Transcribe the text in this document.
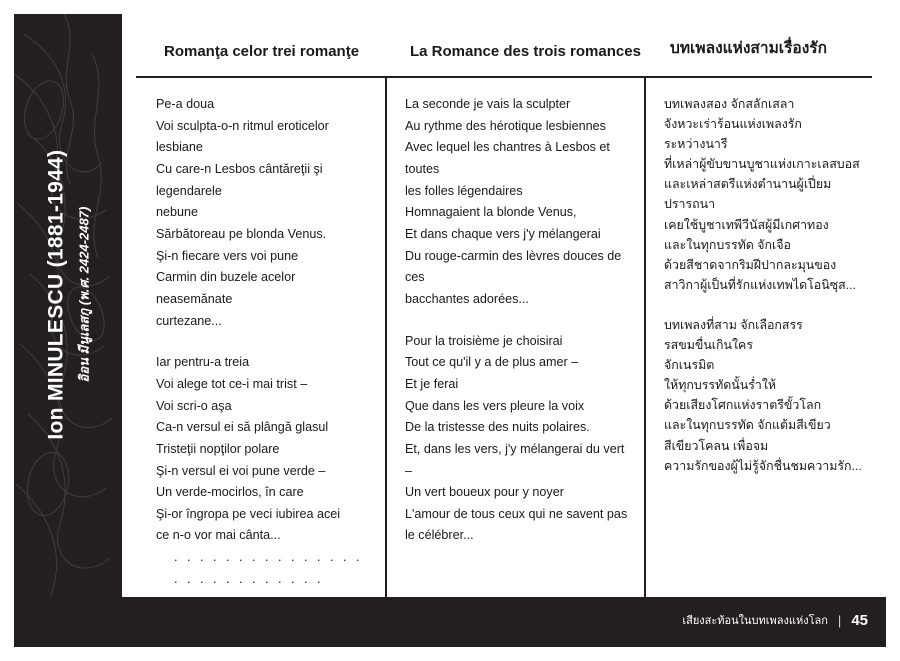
Ion MINULESCU (1881-1944) อิอน มีนูเลสกู (พ.ศ. 2424-2487)
Romanţa celor trei romanţe	La Romance des trois romances บทเพลงแห่งสามเรื่องรัก

Pe-a doua
Voi sculpta-o-n ritmul eroticelor lesbiane
Cu care-n Lesbos cântăreţii şi legendarele
nebune
Sărbătoreau pe blonda Venus.
Şi-n fiecare vers voi pune
Carmin din buzele acelor neasemănate
curtezane...

Iar pentru-a treia
Voi alege tot ce-i mai trist –
Voi scri-o aşa
Ca-n versul ei să plângă glasul
Tristeţii nopţilor polare
Şi-n versul ei voi pune verde –
Un verde-mocirlos, în care
Şi-or îngropa pe veci iubirea acei
ce n-o vor mai cânta...
. . . . . . . . . . . . . . . . . . . . . . . . . . .

La seconde je vais la sculpter
Au rythme des hérotique lesbiennes
Avec lequel les chantres à Lesbos et toutes
les folles légendaires
Homnagaient la blonde Venus,
Et dans chaque vers j'y mélangerai
Du rouge-carmin des lèvres douces de ces
bacchantes adorées...

Pour la troisième je choisirai
Tout ce qu'il y a de plus amer –
Et je ferai
Que dans les vers pleure la voix
De la tristesse des nuits polaires.
Et, dans les vers, j'y mélangerai du vert –
Un vert boueux pour y noyer
L'amour de tous ceux qui ne savent pas
le célébrer...

บทเพลงสอง จักสลักเสลา
จังหวะเร่าร้อนแห่งเพลงรัก
ระหว่างนารี
ที่เหล่าผู้ขับขานบูชาแห่งเกาะเลสบอส
และเหล่าสตรีแห่งตำนานผู้เปี่ยม
ปรารถนา
เคยใช้บูชาเทพีวีนัสผู้มีเกศาทอง
และในทุกบรรทัด จักเจือ
ด้วยสีชาดจากริมฝีปากละมุนของ
สาวิกาผู้เป็นที่รักแห่งเทพไดโอนิซุส...

บทเพลงที่สาม จักเลือกสรร
รสขมขื่นเกินใคร
จักเนรมิต
ให้ทุกบรรทัดนั้นร่ำให้
ด้วยเสียงโศกแห่งราตรีขั้วโลก
และในทุกบรรทัด จักแต้มสีเขียว
สีเขียวโคลน เพื่อจม
ความรักของผู้ไม่รู้จักชื่นชมความรัก...

เสียงสะท้อนในบทเพลงแห่งโลก | 45
